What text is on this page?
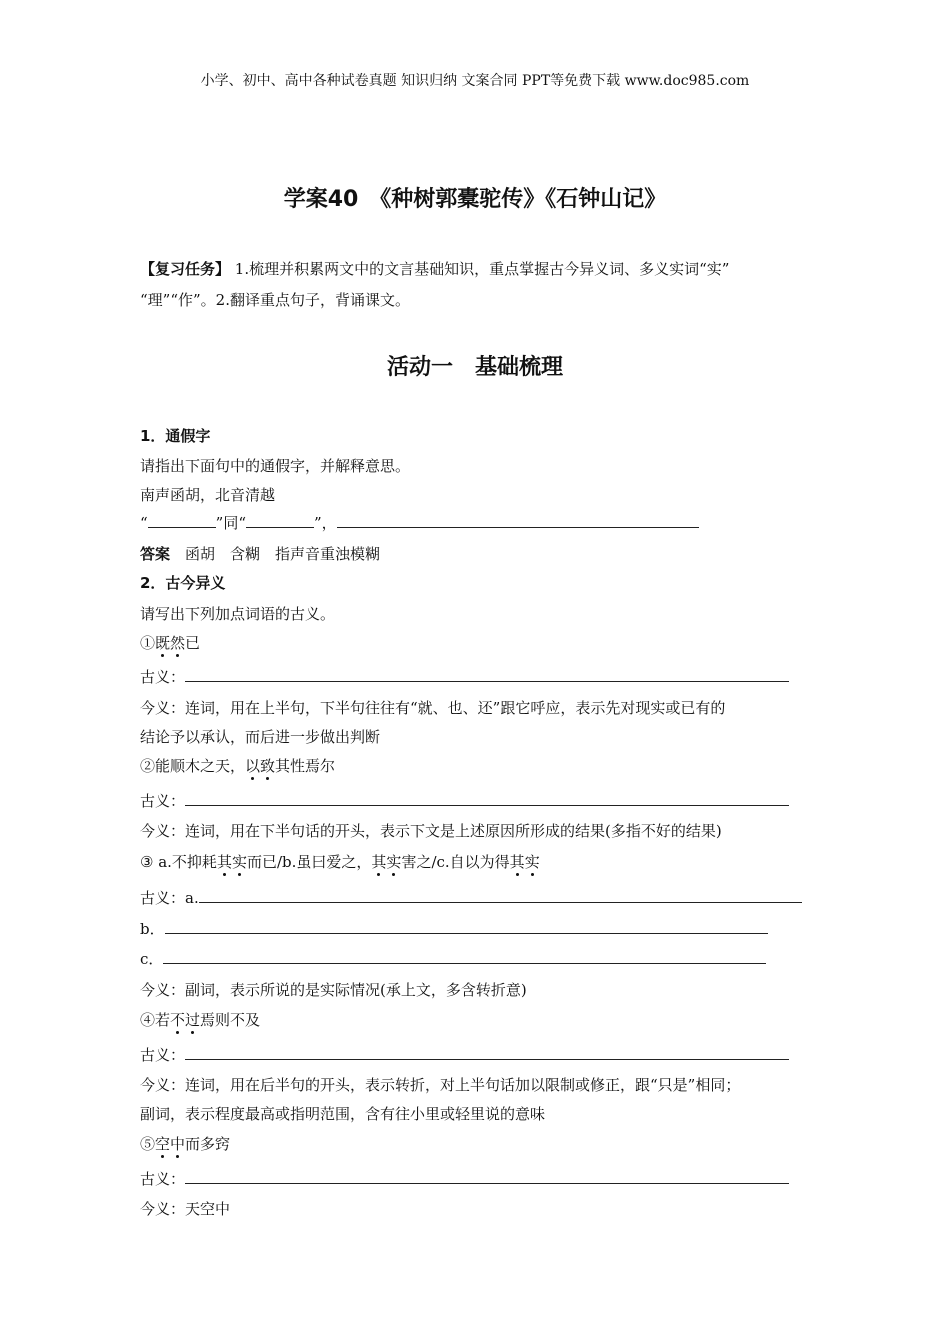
小学、初中、高中各种试卷真题 知识归纳 文案合同 PPT等免费下载 www.doc985.com
学案40　《种树郭橐驼传》《石钟山记》
【复习任务】 1.梳理并积累两文中的文言基础知识，重点掌握古今异义词、多义实词“实”
“理”“作”。2.翻译重点句子，背诵课文。
活动一　基础梳理
1．通假字
请指出下面句中的通假字，并解释意思。
南声函胡，北音清越
“	”同“	”，
答案　函胡　含糊　指声音重浊模糊
2．古今异义
请写出下列加点词语的古义。
①既然已
古义：
今义：连词，用在上半句，下半句往往有“就、也、还”跟它呼应，表示先对现实或已有的
结论予以承认，而后进一步做出判断
②能顺木之天，以致其性焉尔
古义：
今义：连词，用在下半句话的开头，表示下文是上述原因所形成的结果(多指不好的结果)
③ a.不抑耗其实而已/b.虽曰爱之，其实害之/c.自以为得其实
古义：a.
b．
c．
今义：副词，表示所说的是实际情况(承上文，多含转折意)
④若不过焉则不及
古义：
今义：连词，用在后半句的开头，表示转折，对上半句话加以限制或修正，跟“只是”相同；
副词，表示程度最高或指明范围，含有往小里或轻里说的意味
⑤空中而多窍
古义：
今义：天空中
